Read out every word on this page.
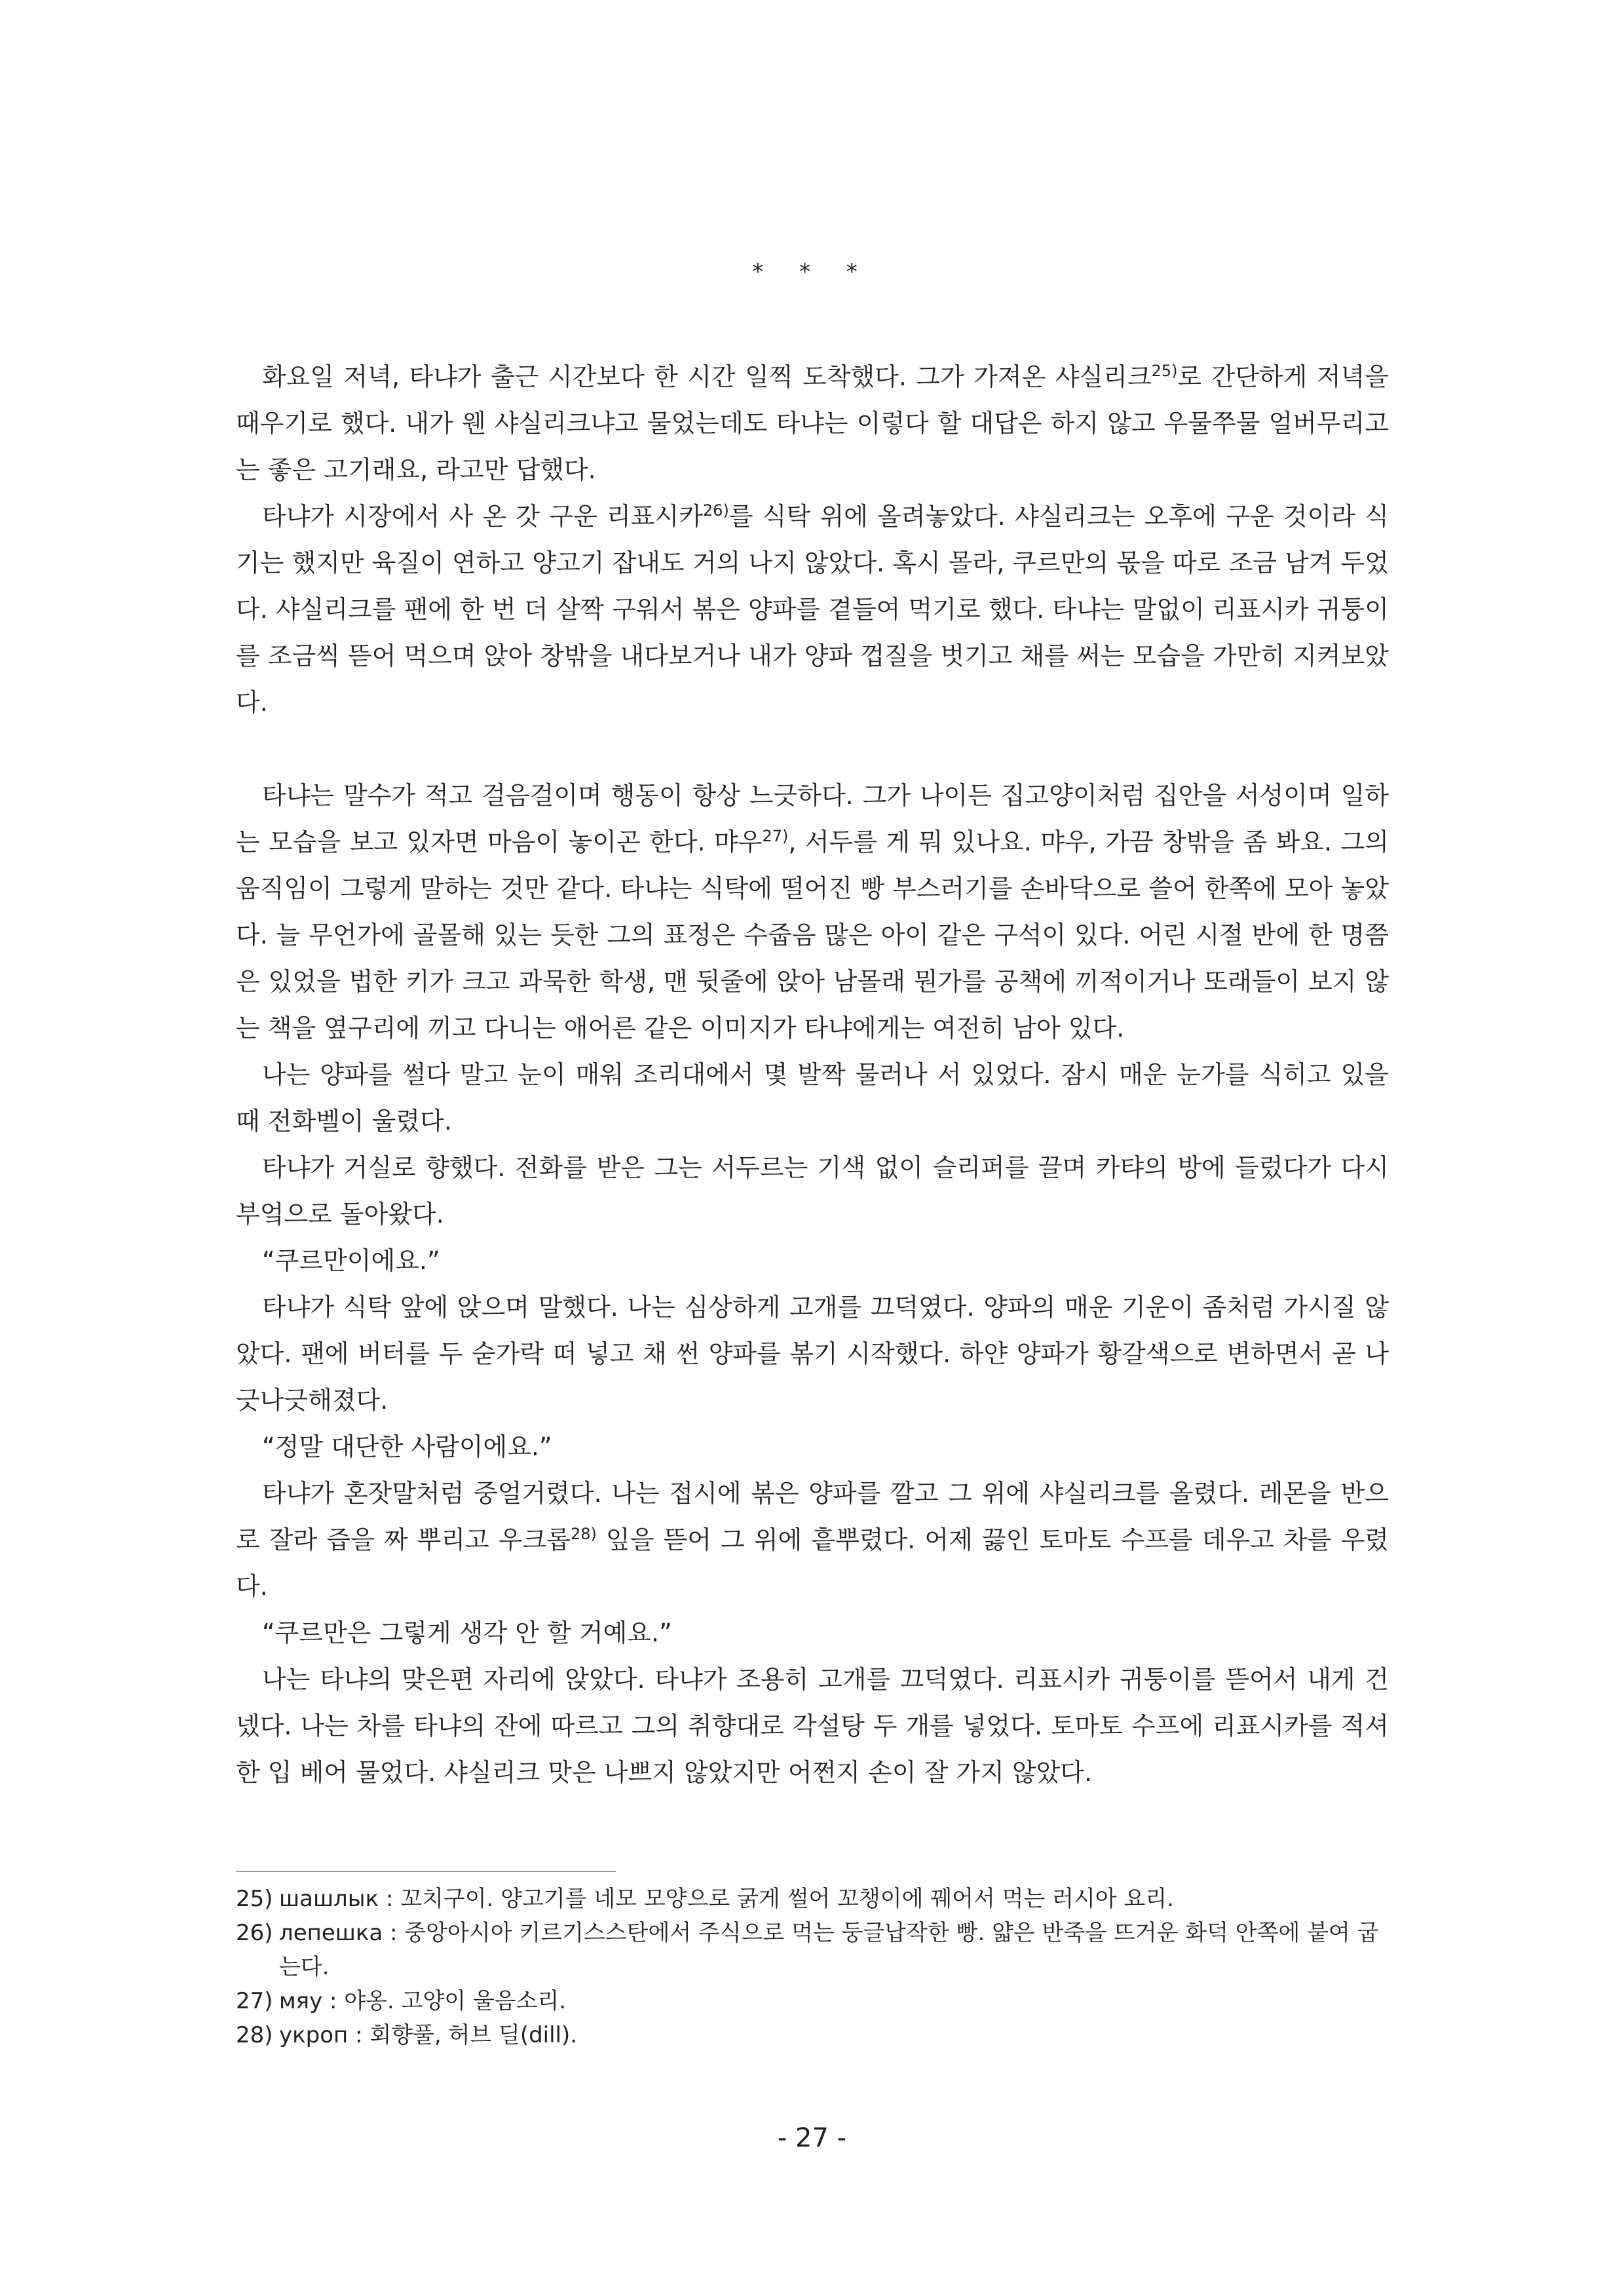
* * *

화요일 저녁, 타냐가 출근 시간보다 한 시간 일찍 도착했다. 그가 가져온 샤실리크$^{25)}$로 간단하게 저녁을 때우기로 했다. 내가 웬 샤실리크냐고 물었는데도 타냐는 이렇다 할 대답은 하지 않고 우물쭈물 얼버무리고는 좋은 고기래요, 라고만 답했다.

타냐가 시장에서 사 온 갓 구운 리표시카$^{26)}$를 식탁 위에 올려놓았다. 샤실리크는 오후에 구운 것이라 식기는 했지만 육질이 연하고 양고기 잡내도 거의 나지 않았다. 혹시 몰라, 쿠르만의 몫을 따로 조금 남겨 두었다. 샤실리크를 팬에 한 번 더 살짝 구워서 볶은 양파를 곁들여 먹기로 했다. 타냐는 말없이 리표시카 귀퉁이를 조금씩 뜯어 먹으며 앉아 창밖을 내다보거나 내가 양파 껍질을 벗기고 채를 써는 모습을 가만히 지켜보았다.

타냐는 말수가 적고 걸음걸이며 행동이 항상 느긋하다. 그가 나이든 집고양이처럼 집안을 서성이며 일하는 모습을 보고 있자면 마음이 놓이곤 한다. 먀우$^{27)}$, 서두를 게 뭐 있나요. 먀우, 가끔 창밖을 좀 봐요. 그의 움직임이 그렇게 말하는 것만 같다. 타냐는 식탁에 떨어진 빵 부스러기를 손바닥으로 쓸어 한쪽에 모아 놓았다. 늘 무언가에 골몰해 있는 듯한 그의 표정은 수줍음 많은 아이 같은 구석이 있다. 어린 시절 반에 한 명쯤은 있었을 법한 키가 크고 과묵한 학생, 맨 뒷줄에 앉아 남몰래 뭔가를 공책에 끼적이거나 또래들이 보지 않는 책을 옆구리에 끼고 다니는 애어른 같은 이미지가 타냐에게는 여전히 남아 있다.

나는 양파를 썰다 말고 눈이 매워 조리대에서 몇 발짝 물러나 서 있었다. 잠시 매운 눈가를 식히고 있을 때 전화벨이 울렸다.

타냐가 거실로 향했다. 전화를 받은 그는 서두르는 기색 없이 슬리퍼를 끌며 카탸의 방에 들렀다가 다시 부엌으로 돌아왔다.

“쿠르만이에요.”

타냐가 식탁 앞에 앉으며 말했다. 나는 심상하게 고개를 끄덕였다. 양파의 매운 기운이 좀처럼 가시질 않았다. 팬에 버터를 두 숟가락 떠 넣고 채 썬 양파를 볶기 시작했다. 하얀 양파가 황갈색으로 변하면서 곧 나긋나긋해졌다.

“정말 대단한 사람이에요.”

타냐가 혼잣말처럼 중얼거렸다. 나는 접시에 볶은 양파를 깔고 그 위에 샤실리크를 올렸다. 레몬을 반으로 잘라 즙을 짜 뿌리고 우크롭$^{28)}$ 잎을 뜯어 그 위에 흩뿌렸다. 어제 끓인 토마토 수프를 데우고 차를 우렸다.

“쿠르만은 그렇게 생각 안 할 거예요.”

나는 타냐의 맞은편 자리에 앉았다. 타냐가 조용히 고개를 끄덕였다. 리표시카 귀퉁이를 뜯어서 내게 건넸다. 나는 차를 타냐의 잔에 따르고 그의 취향대로 각설탕 두 개를 넣었다. 토마토 수프에 리표시카를 적셔 한 입 베어 물었다. 샤실리크 맛은 나쁘지 않았지만 어쩐지 손이 잘 가지 않았다.

25) шашлык : 꼬치구이. 양고기를 네모 모양으로 굵게 썰어 꼬챙이에 꿰어서 먹는 러시아 요리.
26) лепешка : 중앙아시아 키르기스스탄에서 주식으로 먹는 둥글납작한 빵. 얇은 반죽을 뜨거운 화덕 안쪽에 붙여 굽는다.
27) мяу : 야옹. 고양이 울음소리.
28) укроп : 회향풀, 허브 딜(dill).
- 27 -
